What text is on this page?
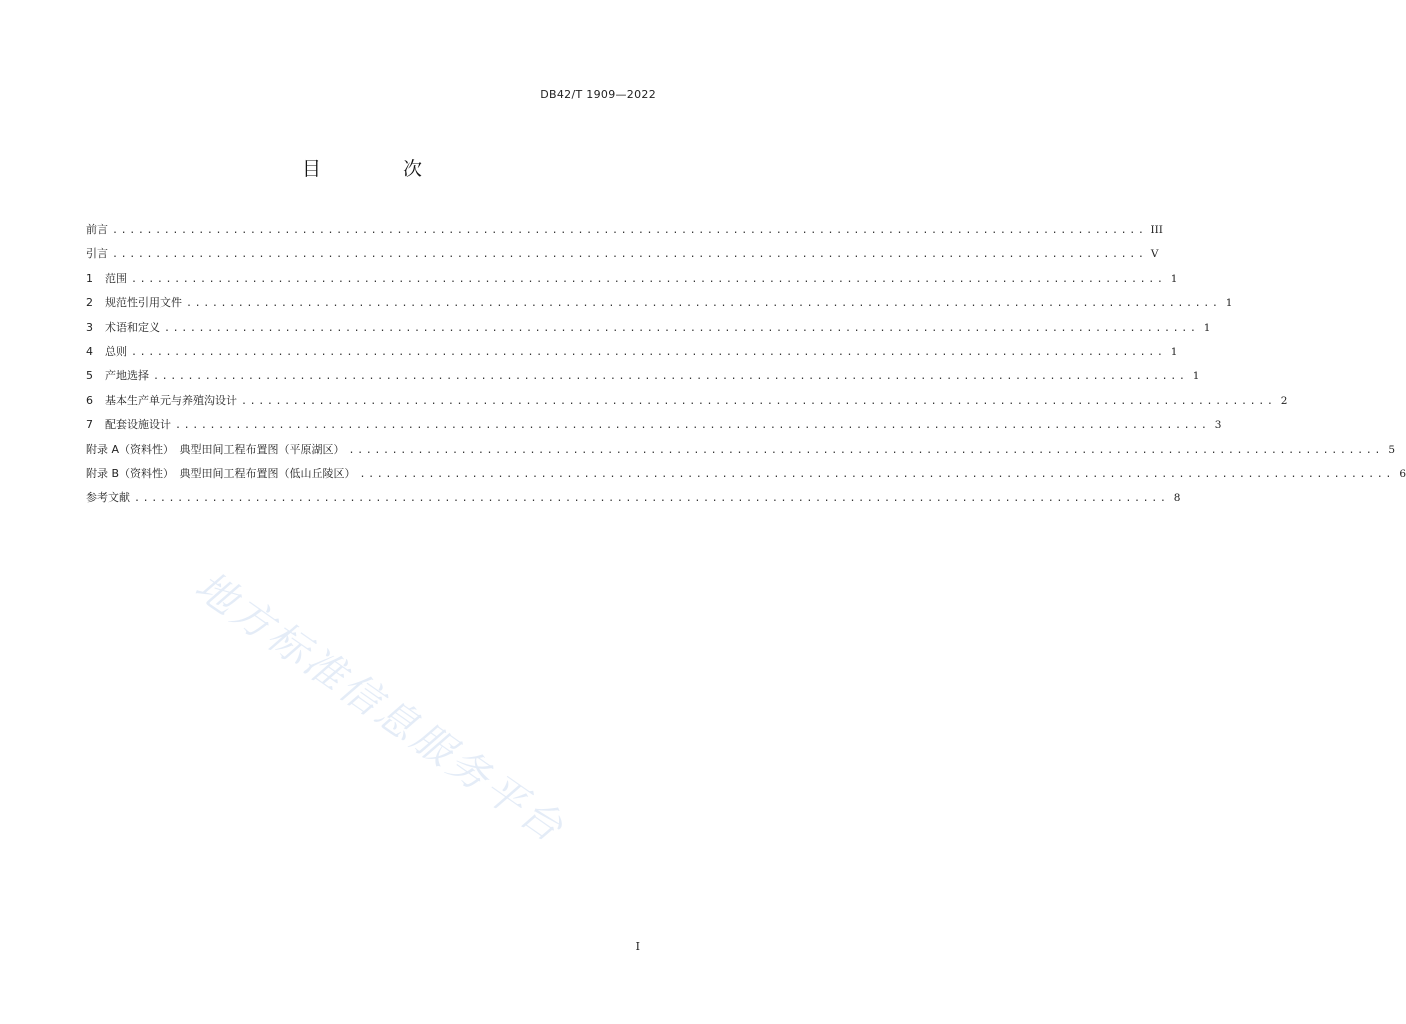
DB42/T 1909—2022
目 次
前言 ........................................................................................................................ III
引言 ........................................................................................................................ V
1	范围 ........................................................................................................................ 1
2	规范性引用文件 ........................................................................................................................ 1
3	术语和定义 ........................................................................................................................ 1
4	总则 ........................................................................................................................ 1
5	产地选择 ........................................................................................................................ 1
6	基本生产单元与养殖沟设计 ........................................................................................................................ 2
7	配套设施设计 ........................................................................................................................ 3
附录 A（资料性）　典型田间工程布置图（平原湖区） ........................................................................................................................ 5
附录 B（资料性）　典型田间工程布置图（低山丘陵区） ........................................................................................................................ 6
参考文献 ........................................................................................................................ 8
地方标准信息服务平台
I
